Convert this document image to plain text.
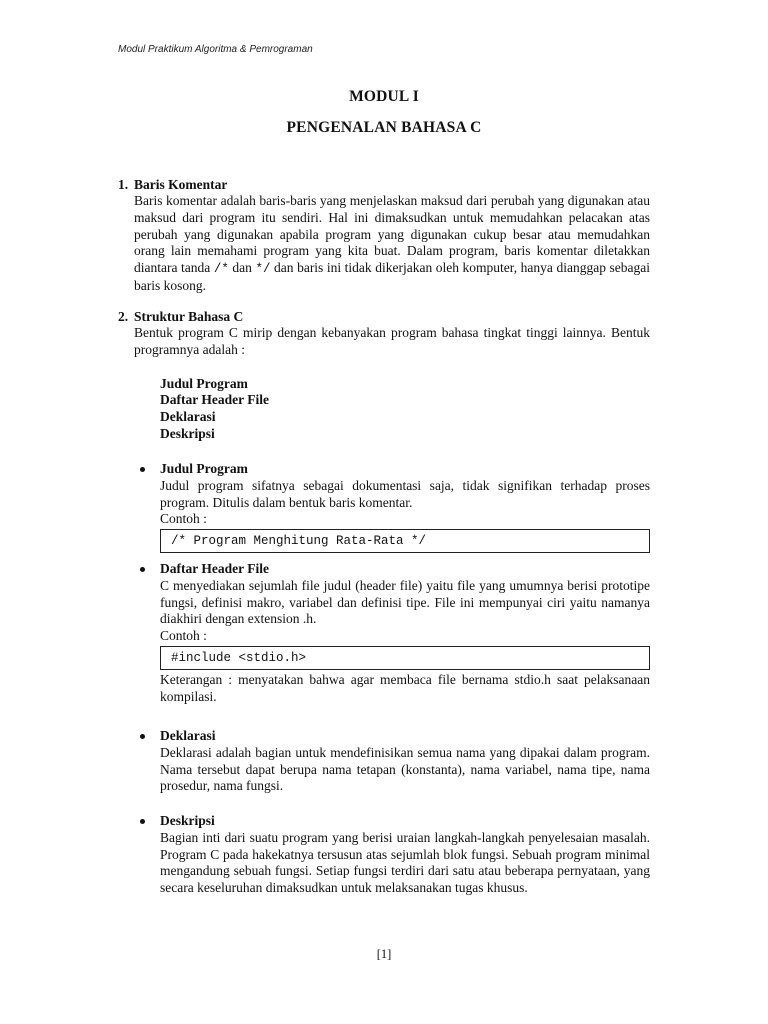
Modul Praktikum Algoritma & Pemrograman
MODUL I
PENGENALAN BAHASA C
1. Baris Komentar
Baris komentar adalah baris-baris yang menjelaskan maksud dari perubah yang digunakan atau maksud dari program itu sendiri. Hal ini dimaksudkan untuk memudahkan pelacakan atas perubah yang digunakan apabila program yang digunakan cukup besar atau memudahkan orang lain memahami program yang kita buat. Dalam program, baris komentar diletakkan diantara tanda /* dan */ dan baris ini tidak dikerjakan oleh komputer, hanya dianggap sebagai baris kosong.
2. Struktur Bahasa C
Bentuk program C mirip dengan kebanyakan program bahasa tingkat tinggi lainnya. Bentuk programnya adalah :
Judul Program
Daftar Header File
Deklarasi
Deskripsi
Judul Program
Judul program sifatnya sebagai dokumentasi saja, tidak signifikan terhadap proses program. Ditulis dalam bentuk baris komentar.
Contoh :
/* Program Menghitung Rata-Rata */
Daftar Header File
C menyediakan sejumlah file judul (header file) yaitu file yang umumnya berisi prototipe fungsi, definisi makro, variabel dan definisi tipe. File ini mempunyai ciri yaitu namanya diakhiri dengan extension .h.
Contoh :
#include <stdio.h>
Keterangan : menyatakan bahwa agar membaca file bernama stdio.h saat pelaksanaan kompilasi.
Deklarasi
Deklarasi adalah bagian untuk mendefinisikan semua nama yang dipakai dalam program. Nama tersebut dapat berupa nama tetapan (konstanta), nama variabel, nama tipe, nama prosedur, nama fungsi.
Deskripsi
Bagian inti dari suatu program yang berisi uraian langkah-langkah penyelesaian masalah. Program C pada hakekatnya tersusun atas sejumlah blok fungsi. Sebuah program minimal mengandung sebuah fungsi. Setiap fungsi terdiri dari satu atau beberapa pernyataan, yang secara keseluruhan dimaksudkan untuk melaksanakan tugas khusus.
[1]
